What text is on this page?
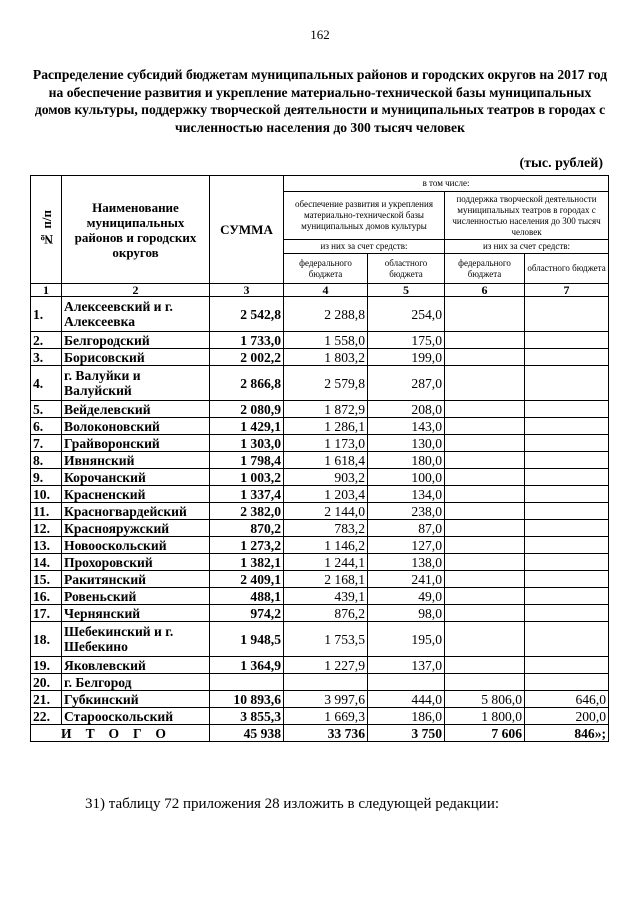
162
Распределение субсидий бюджетам муниципальных районов и городских округов на 2017 год на обеспечение развития и укрепление материально-технической базы муниципальных домов культуры, поддержку творческой деятельности и муниципальных театров в городах с численностью населения до 300 тысяч человек
(тыс. рублей)
№ п/п	Наименование муниципальных районов и городских округов	СУММА	в том числе:			
			обеспечение развития и укрепления материально-технической базы муниципальных домов культуры		поддержка творческой деятельности муниципальных театров в городах с численностью населения до 300 тысяч человек	
			из них за счет средств:		из них за счет средств:	
			федерального бюджета	областного бюджета	федерального бюджета	областного бюджета
1	2	3	4	5	6	7
1.	Алексеевский и г. Алексеевка	2 542,8	2 288,8	254,0		
2.	Белгородский	1 733,0	1 558,0	175,0		
3.	Борисовский	2 002,2	1 803,2	199,0		
4.	г. Валуйки и Валуйский	2 866,8	2 579,8	287,0		
5.	Вейделевский	2 080,9	1 872,9	208,0		
6.	Волоконовский	1 429,1	1 286,1	143,0		
7.	Грайворонский	1 303,0	1 173,0	130,0		
8.	Ивнянский	1 798,4	1 618,4	180,0		
9.	Корочанский	1 003,2	903,2	100,0		
10.	Красненский	1 337,4	1 203,4	134,0		
11.	Красногвардейский	2 382,0	2 144,0	238,0		
12.	Краснояружский	870,2	783,2	87,0		
13.	Новооскольский	1 273,2	1 146,2	127,0		
14.	Прохоровский	1 382,1	1 244,1	138,0		
15.	Ракитянский	2 409,1	2 168,1	241,0		
16.	Ровеньский	488,1	439,1	49,0		
17.	Чернянский	974,2	876,2	98,0		
18.	Шебекинский и г. Шебекино	1 948,5	1 753,5	195,0		
19.	Яковлевский	1 364,9	1 227,9	137,0		
20.	г. Белгород					
21.	Губкинский	10 893,6	3 997,6	444,0	5 806,0	646,0
22.	Старооскольский	3 855,3	1 669,3	186,0	1 800,0	200,0
ИТОГО		45 938	33 736	3 750	7 606	846»;
31) таблицу 72 приложения 28 изложить в следующей редакции:
